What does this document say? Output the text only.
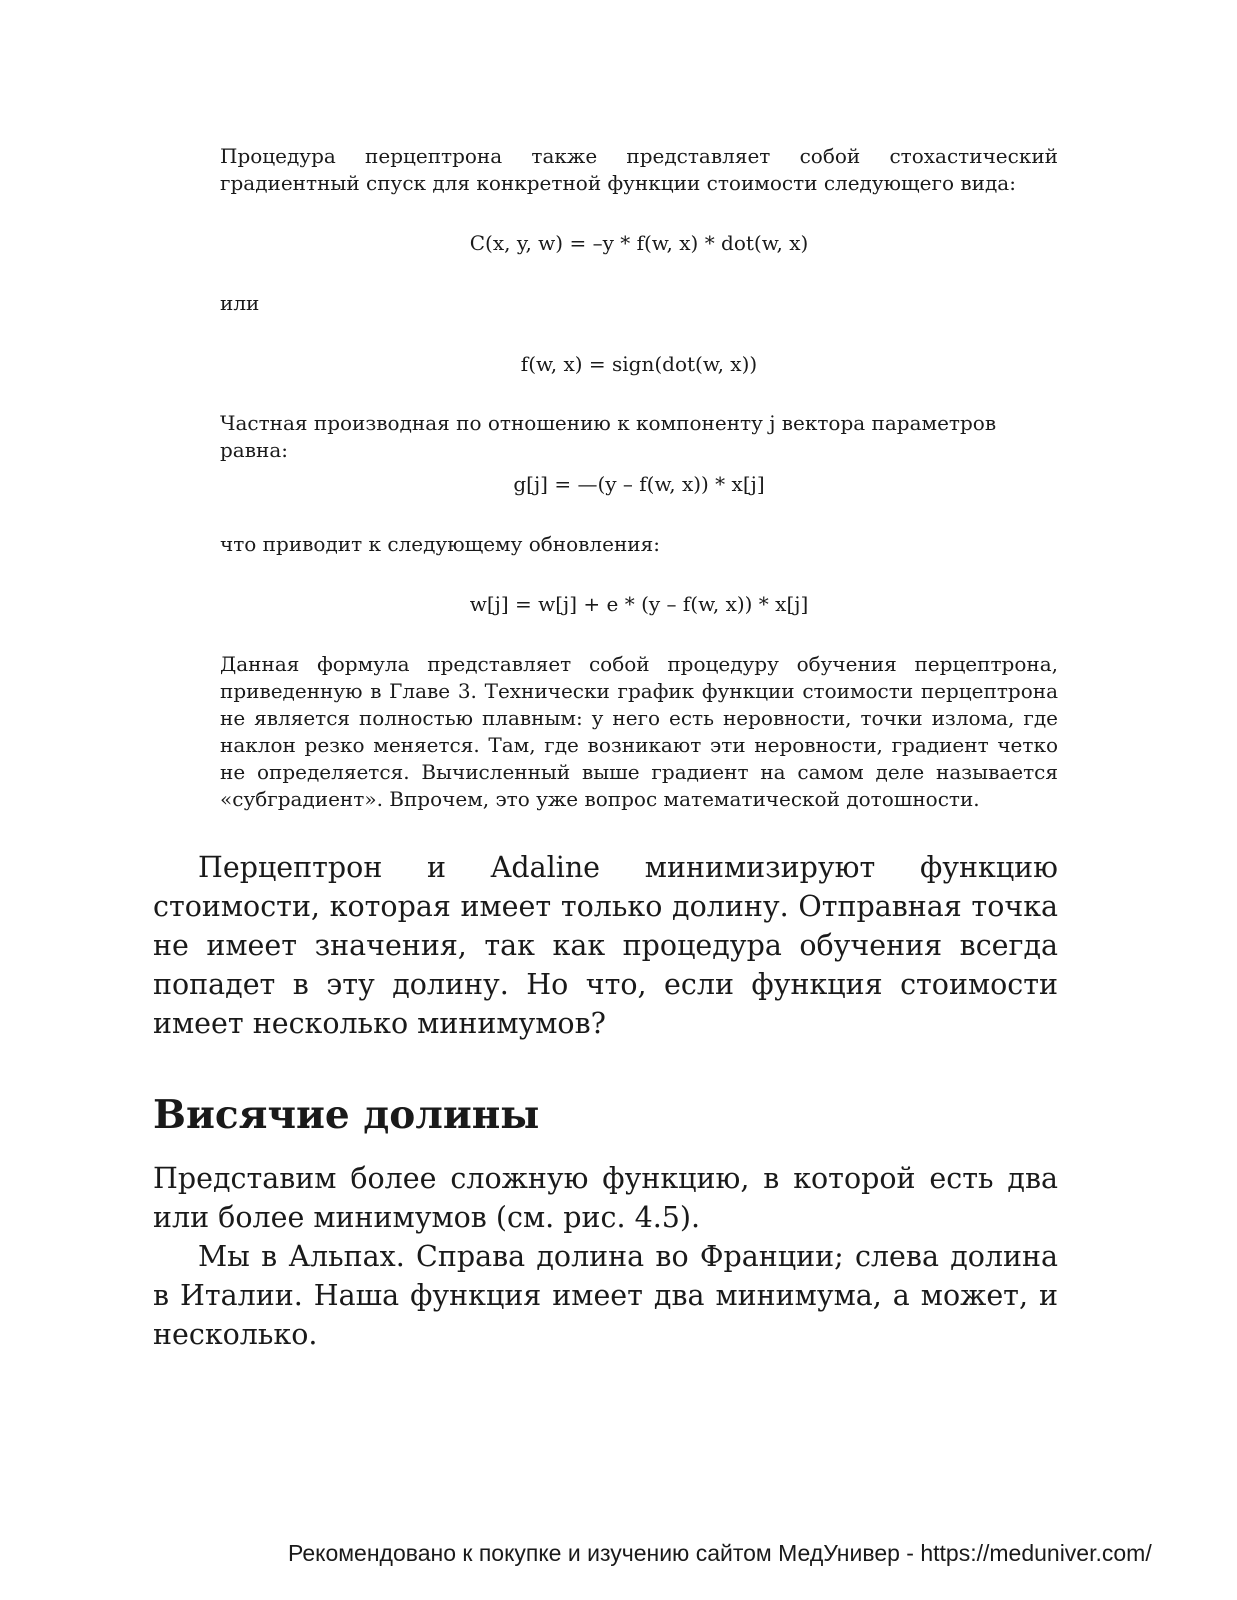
Процедура перцептрона также представляет собой стохастический градиентный спуск для конкретной функции стоимости следующего вида:

C(x, y, w) = –y * f(w, x) * dot(w, x)

или

f(w, x) = sign(dot(w, x))

Частная производная по отношению к компоненту j вектора параметров равна:

g[j] = —(y – f(w, x)) * x[j]

что приводит к следующему обновления:

w[j] = w[j] + e * (y – f(w, x)) * x[j]

Данная формула представляет собой процедуру обучения перцептрона, приведенную в Главе 3. Технически график функции стоимости перцептрона не является полностью плавным: у него есть неровности, точки излома, где наклон резко меняется. Там, где возникают эти неровности, градиент четко не определяется. Вычисленный выше градиент на самом деле называется «субградиент». Впрочем, это уже вопрос математической дотошности.

Перцептрон и Adaline минимизируют функцию стоимости, которая имеет только долину. Отправная точка не имеет значения, так как процедура обучения всегда попадет в эту долину. Но что, если функция стоимости имеет несколько минимумов?

Висячие долины

Представим более сложную функцию, в которой есть два или более минимумов (см. рис. 4.5).

Мы в Альпах. Справа долина во Франции; слева долина в Италии. Наша функция имеет два минимума, а может, и несколько.

Рекомендовано к покупке и изучению сайтом МедУнивер - https://meduniver.com/
